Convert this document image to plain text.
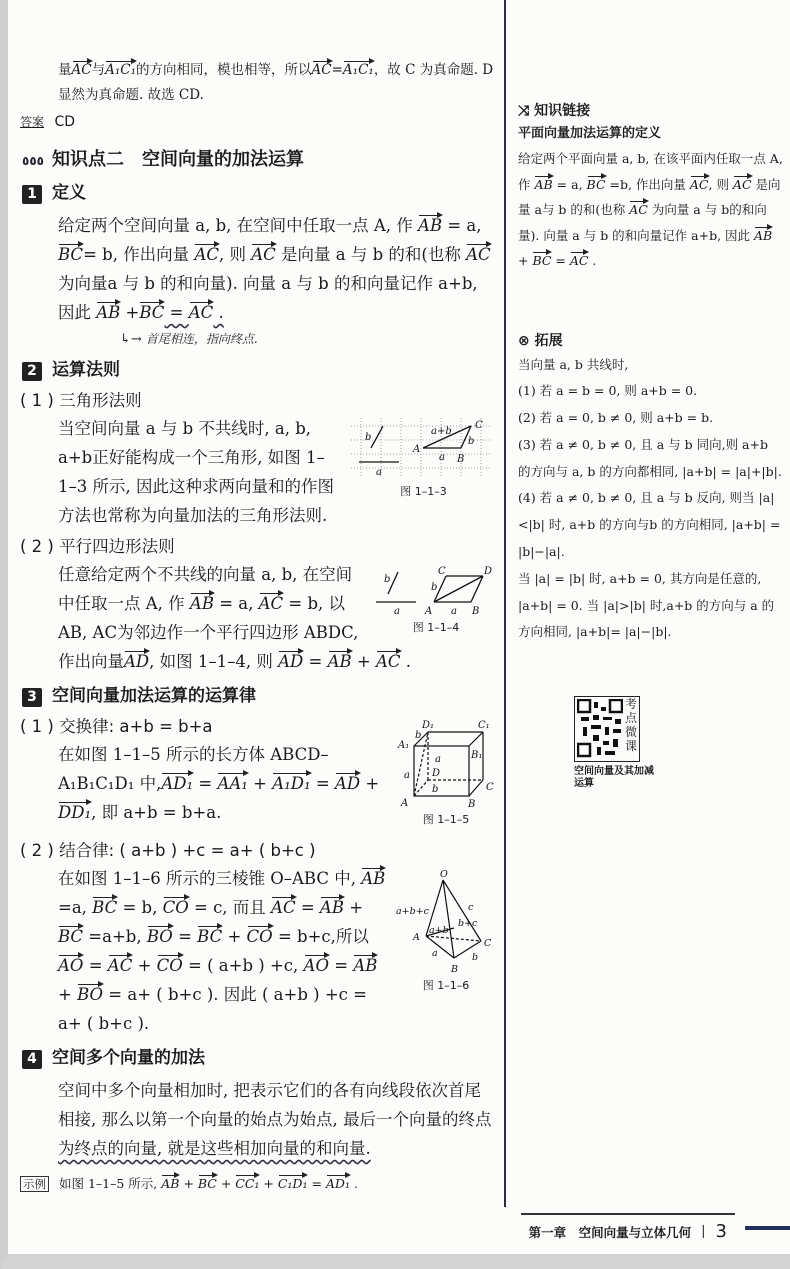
量AC与A₁C₁的方向相同，模也相等，所以AC=A₁C₁，故 C 为真命题. D 显然为真命题. 故选 CD.
答案 CD
٥٥٥ 知识点二　空间向量的加法运算
1 定义
给定两个空间向量 a, b, 在空间中任取一点 A, 作 AB = a, BC= b, 作出向量 AC, 则 AC 是向量 a 与 b 的和(也称 AC 为向量a 与 b 的和向量). 向量 a 与 b 的和向量记作 a+b, 因此 AB +BC = AC .
↳→ 首尾相连，指向终点.
2 运算法则
( 1 ) 三角形法则
a
b
A
B
C
a+b
b
a
图 1–1–3
当空间向量 a 与 b 不共线时, a, b, a+b正好能构成一个三角形, 如图 1–1–3 所示, 因此这种求两向量和的作图方法也常称为向量加法的三角形法则.
( 2 ) 平行四边形法则
a
b
A a B
C	D
b
图 1–1–4
任意给定两个不共线的向量 a, b, 在空间中任取一点 A, 作 AB = a, AC = b, 以 AB, AC为邻边作一个平行四边形 ABDC, 作出向量AD, 如图 1–1–4, 则 AD = AB + AC .
3 空间向量加法运算的运算律
D₁	C₁
A₁
B₁
D
C
A	B
a
a
b
b
图 1–1–5
( 1 ) 交换律: a+b = b+a
在如图 1–1–5 所示的长方体 ABCD–A₁B₁C₁D₁ 中,AD₁ = AA₁ + A₁D₁ = AD + DD₁, 即 a+b = b+a.
( 2 ) 结合律: ( a+b ) +c = a+ ( b+c )
O
a+b+c	c
b+c
a+b
A
C
B
a	b
图 1–1–6
在如图 1–1–6 所示的三棱锥 O–ABC 中, AB =a, BC = b, CO = c, 而且 AC = AB + BC =a+b, BO = BC + CO = b+c,所以 AO = AC + CO = ( a+b ) +c, AO = AB+ BO = a+ ( b+c ). 因此 ( a+b ) +c = a+ ( b+c ).
4 空间多个向量的加法
空间中多个向量相加时, 把表示它们的各有向线段依次首尾相接, 那么以第一个向量的始点为始点, 最后一个向量的终点为终点的向量, 就是这些相加向量的和向量.
示例 如图 1–1–5 所示, AB + BC + CC₁ + C₁D₁ = AD₁ .
⤨ 知识链接
平面向量加法运算的定义
给定两个平面向量 a, b, 在该平面内任取一点 A, 作 AB = a, BC =b, 作出向量 AC, 则 AC 是向量 a与 b 的和(也称 AC 为向量 a 与 b的和向量). 向量 a 与 b 的和向量记作 a+b, 因此 AB + BC = AC .
⊗ 拓展
当向量 a, b 共线时,
(1) 若 a = b = 0, 则 a+b = 0.
(2) 若 a = 0, b ≠ 0, 则 a+b = b.
(3) 若 a ≠ 0, b ≠ 0, 且 a 与 b 同向,则 a+b 的方向与 a, b 的方向都相同, |a+b| = |a|+|b|.
(4) 若 a ≠ 0, b ≠ 0, 且 a 与 b 反向, 则当 |a|<|b| 时, a+b 的方向与b 的方向相同, |a+b| = |b|−|a|.
当 |a| = |b| 时, a+b = 0, 其方向是任意的, |a+b| = 0. 当 |a|>|b| 时,a+b 的方向与 a 的方向相同, |a+b|= |a|−|b|.
考点微课
空间向量及其加减运算
第一章　空间向量与立体几何 | 3
